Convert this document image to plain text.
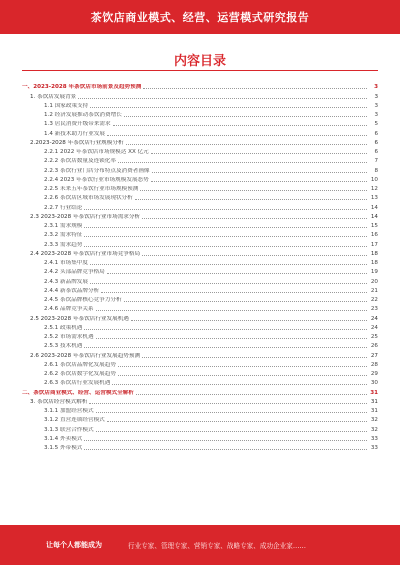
茶饮店商业模式、经营、运营模式研究报告
内容目录
一、2023-2028 年茶饮店市场前景及趋势预测	3
1. 茶饮店发展背景	3
1.1 国家政策支持	3
1.2 经济发展推动茶饮消费增长	3
1.3 居民消费升级带来需求	5
1.4 新技术助力行业发展	6
2.2023-2028 年茶饮店行业规模分析	6
2.2.1 2022 年茶饮店市场规模达 XX 亿元	6
2.2.2 茶饮店数量及连锁化率	7
2.2.3 茶饮行业门店分布特点及消费者画像	8
2.2.4 2023 年茶饮行业市场规模发展态势	10
2.2.5 未来五年茶饮行业市场规模预测	12
2.2.6 茶饮店区域市场发展现状分析	13
2.2.7 行业结论	14
2.3 2023-2028 年茶饮店行业市场需求分析	14
2.3.1 需求规模	15
2.3.2 需求特征	16
2.3.3 需求趋势	17
2.4 2023-2028 年茶饮店行业市场竞争格局	18
2.4.1 市场集中度	18
2.4.2 头部品牌竞争格局	19
2.4.3 新品牌发展	20
2.4.4 新茶饮品牌分析	21
2.4.5 茶饮品牌核心竞争力分析	22
2.4.6 品牌竞争关系	23
2.5 2023-2028 年茶饮店行业发展机遇	24
2.5.1 政策机遇	24
2.5.2 市场需求机遇	25
2.5.3 技术机遇	26
2.6 2023-2028 年茶饮店行业发展趋势预测	27
2.6.1 茶饮店品牌化发展趋势	28
2.6.2 茶饮店数字化发展趋势	29
2.6.3 茶饮店行业发展机遇	30
二、茶饮店商业模式、经营、运营模式全解析	31
3. 茶饮店经营模式解析	31
3.1.1 加盟经营模式	31
3.1.2 直营连锁经营模式	32
3.1.3 联营合作模式	32
3.1.4 外卖模式	33
3.1.5 外带模式	33
让每个人都能成为	行业专家、管理专家、营销专家、战略专家、成功企业家……
